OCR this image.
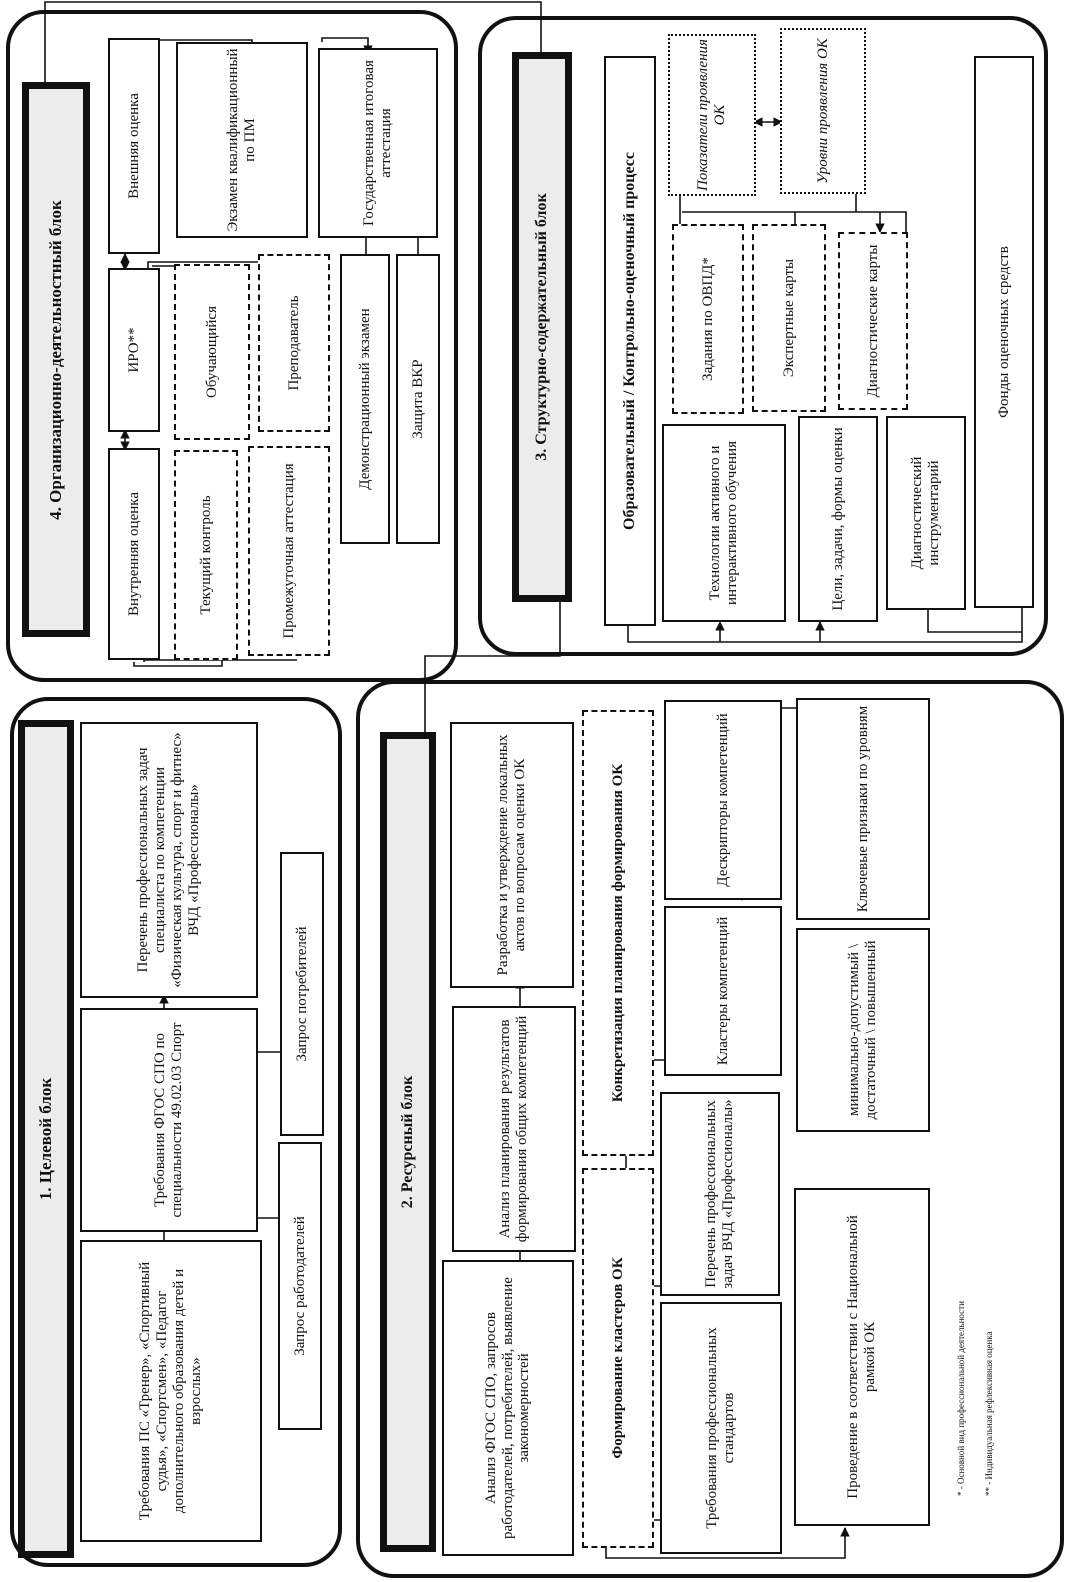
4. Организационно-деятельностный блок
Внутренняя оценка
ИРО**
Внешняя оценка
Текущий контроль
Обучающийся
Промежуточная аттестация
Преподаватель	Демонстрационный экзамен	Защита ВКР
Экзамен квалификационный по ПМ	Государственная итоговая аттестация
3. Структурно-содержательный блок	Образовательный / Контрольно-оценочный процесс	Технологии активного и интерактивного обучения	Цели, задачи, формы оценки	Диагностический инструментарий
Фонды оценочных средств
Задания по ОВПД*	Экспертные карты	Диагностические карты
Показатели проявления ОК	Уровни проявления ОК
1. Целевой блок
Требования ПС «Тренер», «Спортивный судья», «Спортсмен», «Педагог дополнительного образования детей и взрослых»
Требования ФГОС СПО по специальности 49.02.03 Спорт
Перечень профессиональных задач специалиста по компетенции «Физическая культура, спорт и фитнес» ВЧД «Профессионалы»
Запрос работодателей
Запрос потребителей
2. Ресурсный блок
Анализ ФГОС СПО, запросов работодателей, потребителей, выявление закономерностей
Анализ планирования результатов формирования общих компетенций
Разработка и утверждение локальных актов по вопросам оценки ОК
Формирование кластеров ОК
Конкретизация планирования формирования ОК
Требования профессиональных стандартов
Перечень профессиональных задач ВЧД «Профессионалы»
Кластеры компетенций
Дескрипторы компетенций
Проведение в соответствии с Национальной рамкой ОК
минимально-допустимый \ достаточный \ повышенный
Ключевые признаки по уровням
* - Основной вид профессиональной деятельности ** - Индивидуальная рефлексивная оценка
